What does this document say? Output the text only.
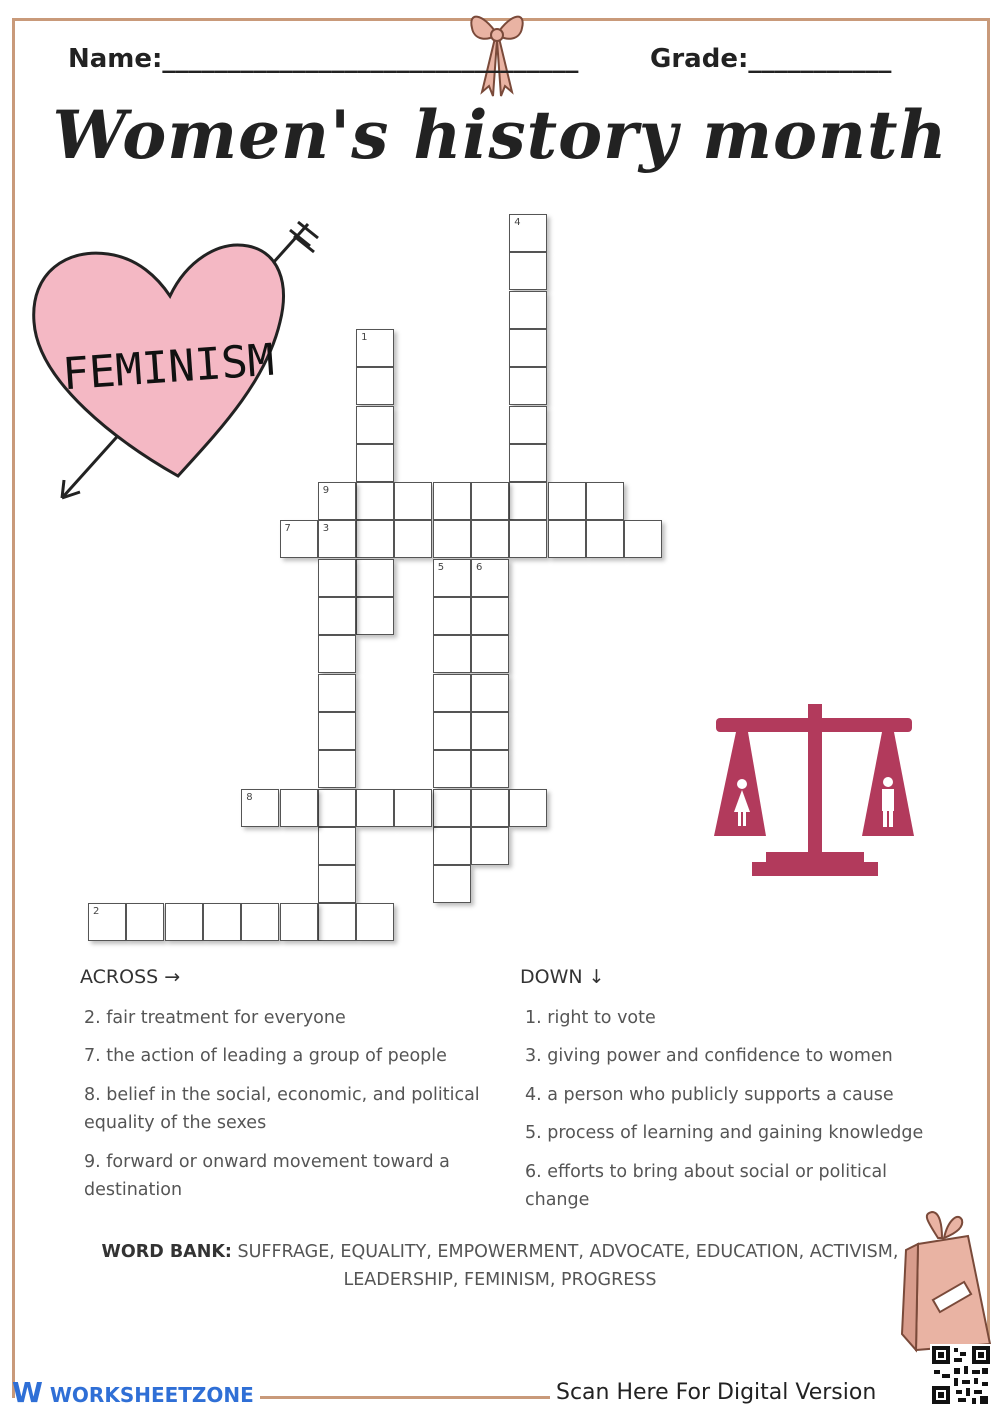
Name:________________________________	Grade:___________
Women's history month
FEMINISM
4
1
9
7	3
5	6
8
2
ACROSS →	DOWN ↓
2. fair treatment for everyone
7. the action of leading a group of people
8. belief in the social, economic, and political equality of the sexes
9. forward or onward movement toward a destination
1. right to vote
3. giving power and confidence to women
4. a person who publicly supports a cause
5. process of learning and gaining knowledge
6. efforts to bring about social or political change
WORD BANK: SUFFRAGE, EQUALITY, EMPOWERMENT, ADVOCATE, EDUCATION, ACTIVISM, LEADERSHIP, FEMINISM, PROGRESS
W WORKSHEETZONE	Scan Here For Digital Version
